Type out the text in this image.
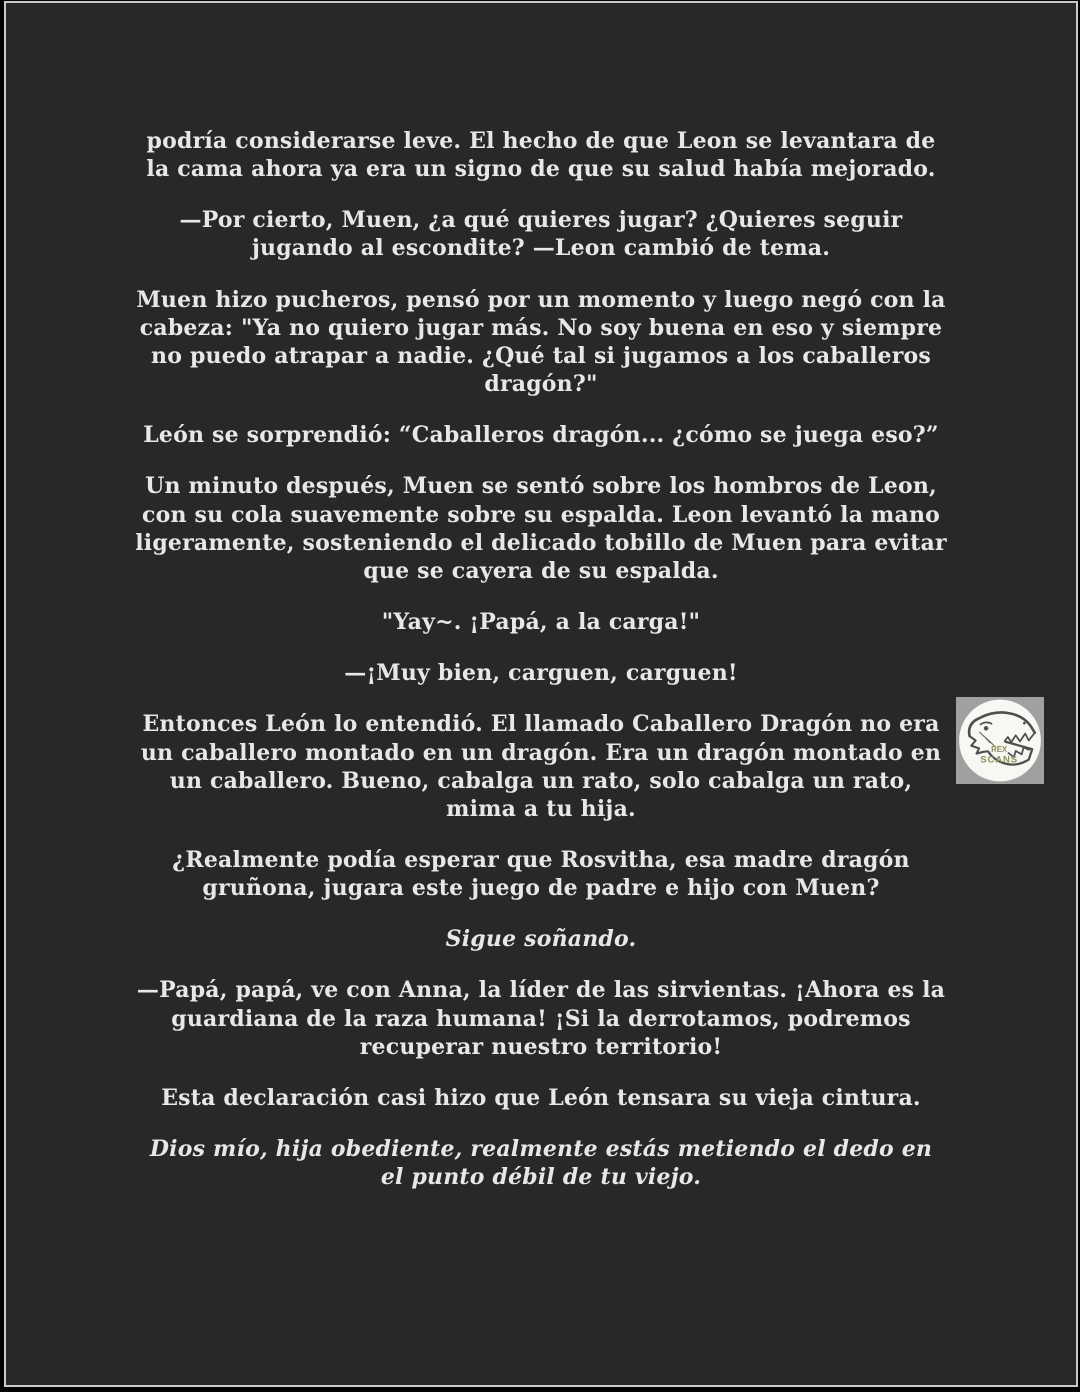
podría considerarse leve. El hecho de que Leon se levantara de la cama ahora ya era un signo de que su salud había mejorado.

—Por cierto, Muen, ¿a qué quieres jugar? ¿Quieres seguir jugando al escondite? —Leon cambió de tema.

Muen hizo pucheros, pensó por un momento y luego negó con la cabeza: "Ya no quiero jugar más. No soy buena en eso y siempre no puedo atrapar a nadie. ¿Qué tal si jugamos a los caballeros dragón?"

León se sorprendió: “Caballeros dragón... ¿cómo se juega eso?”

Un minuto después, Muen se sentó sobre los hombros de Leon, con su cola suavemente sobre su espalda. Leon levantó la mano ligeramente, sosteniendo el delicado tobillo de Muen para evitar que se cayera de su espalda.

"Yay~. ¡Papá, a la carga!"

—¡Muy bien, carguen, carguen!

Entonces León lo entendió. El llamado Caballero Dragón no era un caballero montado en un dragón. Era un dragón montado en un caballero. Bueno, cabalga un rato, solo cabalga un rato, mima a tu hija.

¿Realmente podía esperar que Rosvitha, esa madre dragón gruñona, jugara este juego de padre e hijo con Muen?

Sigue soñando.

—Papá, papá, ve con Anna, la líder de las sirvientas. ¡Ahora es la guardiana de la raza humana! ¡Si la derrotamos, podremos recuperar nuestro territorio!

Esta declaración casi hizo que León tensara su vieja cintura.

Dios mío, hija obediente, realmente estás metiendo el dedo en el punto débil de tu viejo.

REX
SCANS
